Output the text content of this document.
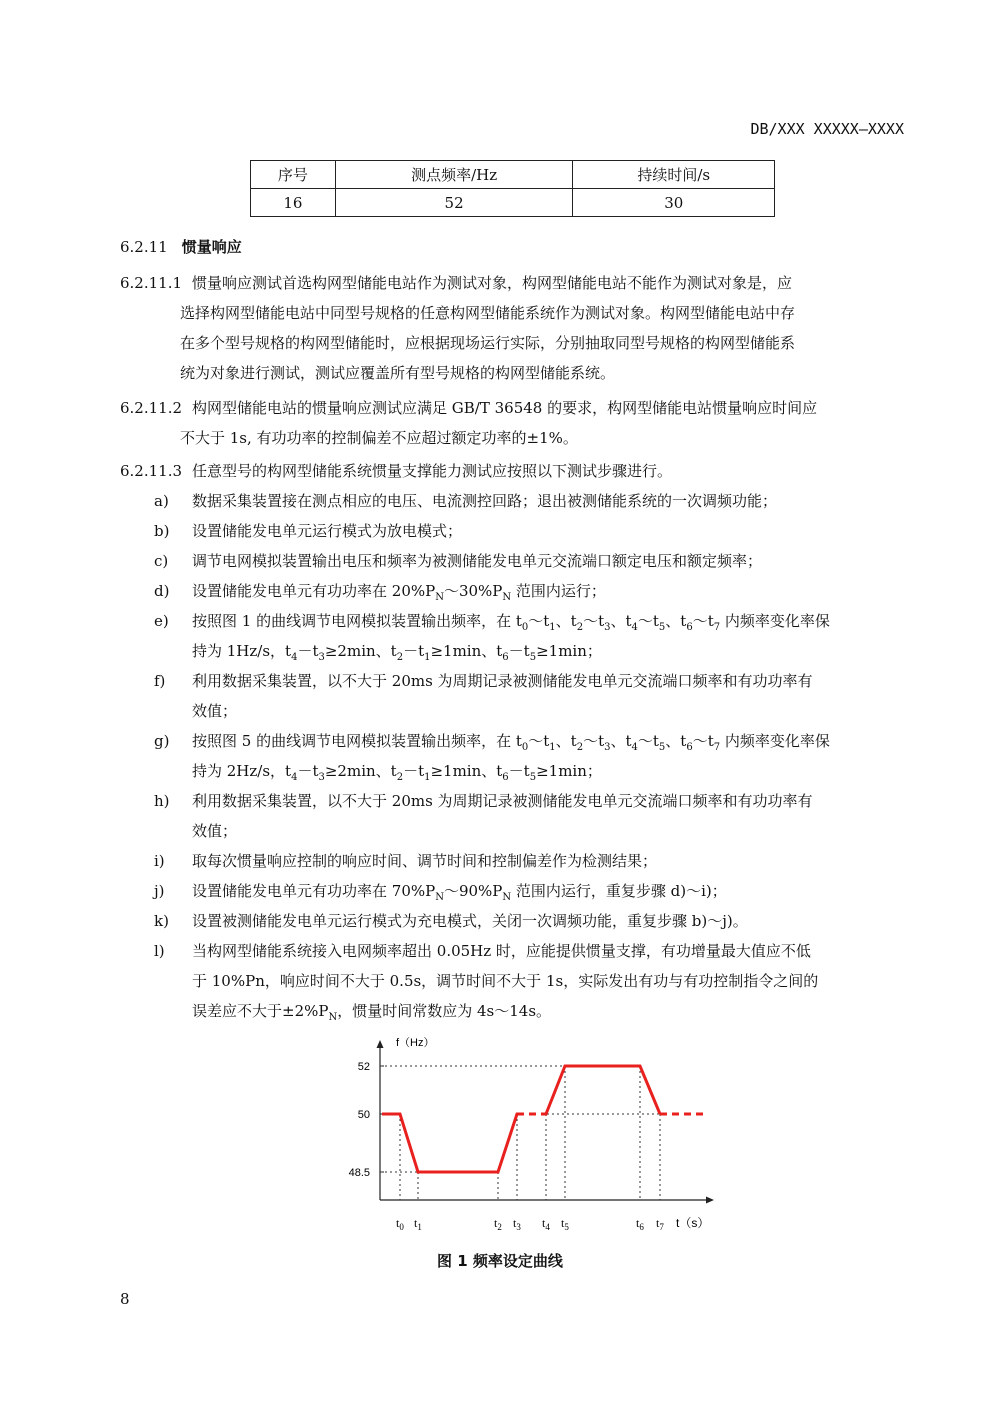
DB/XXX XXXXX—XXXX
序号	测点频率/Hz	持续时间/s
16	52	30
6.2.11 惯量响应
6.2.11.1 惯量响应测试首选构网型储能电站作为测试对象，构网型储能电站不能作为测试对象是，应
选择构网型储能电站中同型号规格的任意构网型储能系统作为测试对象。构网型储能电站中存
在多个型号规格的构网型储能时，应根据现场运行实际，分别抽取同型号规格的构网型储能系
统为对象进行测试，测试应覆盖所有型号规格的构网型储能系统。
6.2.11.2 构网型储能电站的惯量响应测试应满足 GB/T 36548 的要求，构网型储能电站惯量响应时间应
不大于 1s, 有功功率的控制偏差不应超过额定功率的±1%。
6.2.11.3 任意型号的构网型储能系统惯量支撑能力测试应按照以下测试步骤进行。
a) 数据采集装置接在测点相应的电压、电流测控回路；退出被测储能系统的一次调频功能；
b) 设置储能发电单元运行模式为放电模式；
c) 调节电网模拟装置输出电压和频率为被测储能发电单元交流端口额定电压和额定频率；
d) 设置储能发电单元有功功率在 $20\%P_N\sim 30\%P_N$ 范围内运行；
e) 按照图 1 的曲线调节电网模拟装置输出频率，在 $t_0\sim t_1$、$t_2\sim t_3$、$t_4\sim t_5$、$t_6\sim t_7$ 内频率变化率保
持为 1Hz/s，$t_4-t_3\ge 2\min$、$t_2-t_1\ge 1\min$、$t_6-t_5\ge 1\min$；
f) 利用数据采集装置，以不大于 20ms 为周期记录被测储能发电单元交流端口频率和有功功率有
效值；
g) 按照图 5 的曲线调节电网模拟装置输出频率，在 $t_0\sim t_1$、$t_2\sim t_3$、$t_4\sim t_5$、$t_6\sim t_7$ 内频率变化率保
持为 2Hz/s，$t_4-t_3\ge 2\min$、$t_2-t_1\ge 1\min$、$t_6-t_5\ge 1\min$；
h) 利用数据采集装置，以不大于 20ms 为周期记录被测储能发电单元交流端口频率和有功功率有
效值；
i) 取每次惯量响应控制的响应时间、调节时间和控制偏差作为检测结果；
j) 设置储能发电单元有功功率在 $70\%P_N\sim 90\%P_N$ 范围内运行，重复步骤 d)～i)；
k) 设置被测储能发电单元运行模式为充电模式，关闭一次调频功能，重复步骤 b)～j)。
l) 当构网型储能系统接入电网频率超出 0.05Hz 时，应能提供惯量支撑，有功增量最大值应不低
于 10%Pn，响应时间不大于 0.5s，调节时间不大于 1s，实际发出有功与有功控制指令之间的
误差应不大于$\pm 2\%P_N$，惯量时间常数应为 4s～14s。
f（Hz）
t（s）
52
50
48.5
$t_0$ $t_1$	$t_2$ $t_3$ $t_4$ $t_5$	$t_6$ $t_7$
图 1 频率设定曲线
8
